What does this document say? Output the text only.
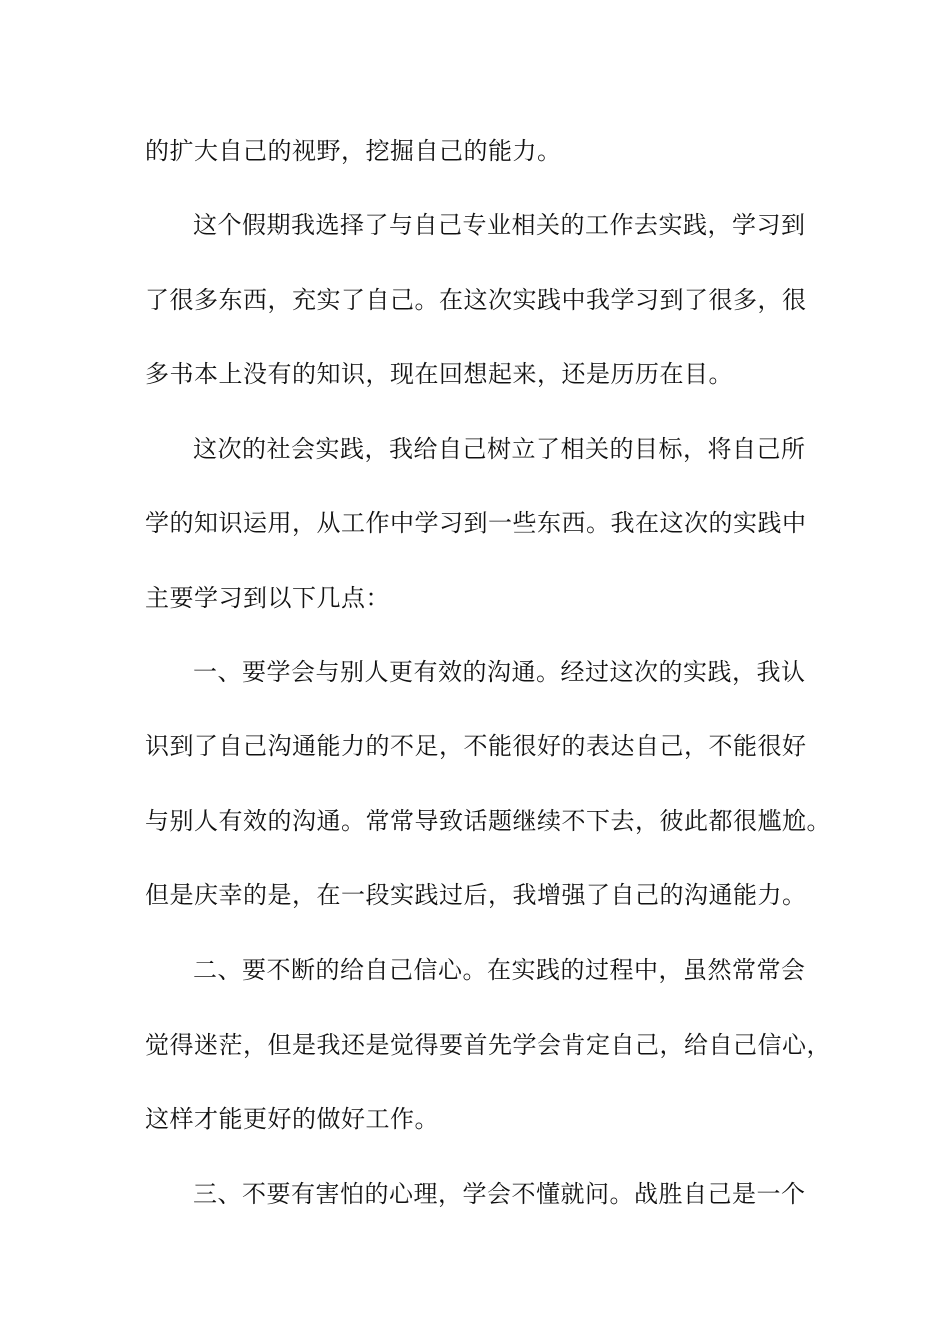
的扩大自己的视野，挖掘自己的能力。

这个假期我选择了与自己专业相关的工作去实践，学习到

了很多东西，充实了自己。在这次实践中我学习到了很多，很

多书本上没有的知识，现在回想起来，还是历历在目。

这次的社会实践，我给自己树立了相关的目标，将自己所

学的知识运用，从工作中学习到一些东西。我在这次的实践中

主要学习到以下几点：

一、要学会与别人更有效的沟通。经过这次的实践，我认

识到了自己沟通能力的不足，不能很好的表达自己，不能很好

与别人有效的沟通。常常导致话题继续不下去，彼此都很尴尬。

但是庆幸的是，在一段实践过后，我增强了自己的沟通能力。

二、要不断的给自己信心。在实践的过程中，虽然常常会

觉得迷茫，但是我还是觉得要首先学会肯定自己，给自己信心，

这样才能更好的做好工作。

三、不要有害怕的心理，学会不懂就问。战胜自己是一个
